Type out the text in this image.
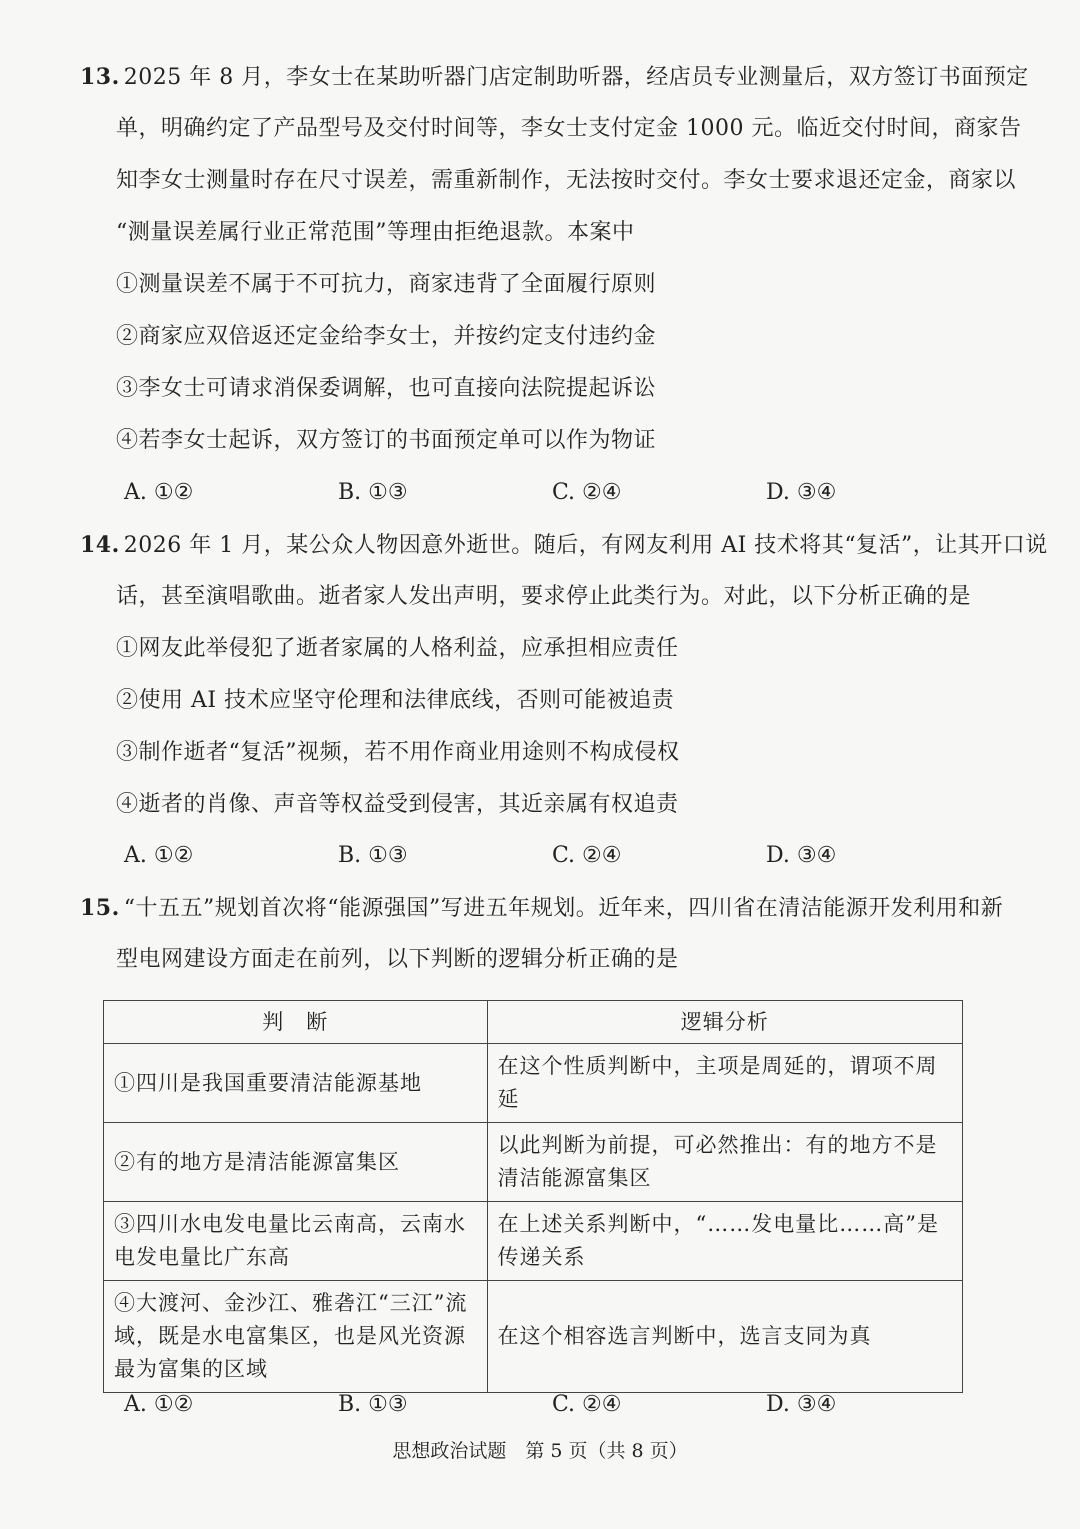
13. 2025 年 8 月，李女士在某助听器门店定制助听器，经店员专业测量后，双方签订书面预定
单，明确约定了产品型号及交付时间等，李女士支付定金 1000 元。临近交付时间，商家告
知李女士测量时存在尺寸误差，需重新制作，无法按时交付。李女士要求退还定金，商家以
“测量误差属行业正常范围”等理由拒绝退款。本案中
①测量误差不属于不可抗力，商家违背了全面履行原则
②商家应双倍返还定金给李女士，并按约定支付违约金
③李女士可请求消保委调解，也可直接向法院提起诉讼
④若李女士起诉，双方签订的书面预定单可以作为物证
A. ①②	B. ①③	C. ②④	D. ③④
14. 2026 年 1 月，某公众人物因意外逝世。随后，有网友利用 AI 技术将其“复活”，让其开口说
话，甚至演唱歌曲。逝者家人发出声明，要求停止此类行为。对此，以下分析正确的是
①网友此举侵犯了逝者家属的人格利益，应承担相应责任
②使用 AI 技术应坚守伦理和法律底线，否则可能被追责
③制作逝者“复活”视频，若不用作商业用途则不构成侵权
④逝者的肖像、声音等权益受到侵害，其近亲属有权追责
A. ①②	B. ①③	C. ②④	D. ③④
15. “十五五”规划首次将“能源强国”写进五年规划。近年来，四川省在清洁能源开发利用和新
型电网建设方面走在前列，以下判断的逻辑分析正确的是
判　断	逻辑分析
①四川是我国重要清洁能源基地	在这个性质判断中，主项是周延的，谓项不周延
②有的地方是清洁能源富集区	以此判断为前提，可必然推出：有的地方不是清洁能源富集区
③四川水电发电量比云南高，云南水电发电量比广东高	在上述关系判断中，“……发电量比……高”是传递关系
④大渡河、金沙江、雅砻江“三江”流域，既是水电富集区，也是风光资源最为富集的区域	在这个相容选言判断中，选言支同为真
A. ①②	B. ①③	C. ②④	D. ③④
思想政治试题　第 5 页（共 8 页）
